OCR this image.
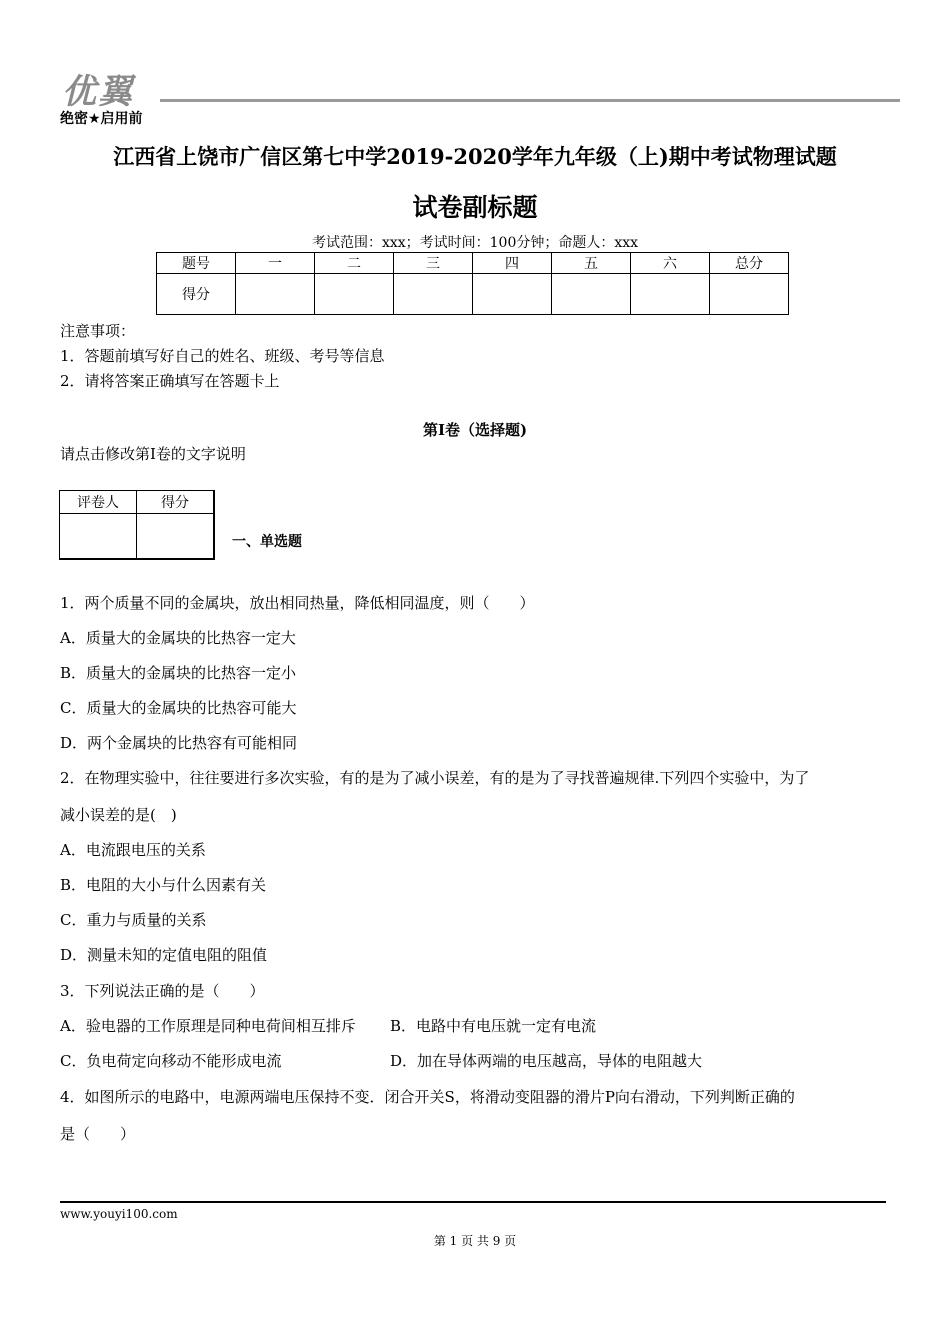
优翼
绝密★启用前
江西省上饶市广信区第七中学2019-2020学年九年级（上)期中考试物理试题
试卷副标题
考试范围：xxx；考试时间：100分钟；命题人：xxx
题号	一	二	三	四	五	六	总分
得分							
注意事项：
1．答题前填写好自己的姓名、班级、考号等信息
2．请将答案正确填写在答题卡上
第I卷（选择题)
请点击修改第I卷的文字说明
评卷人	得分

一、单选题
1．两个质量不同的金属块，放出相同热量，降低相同温度，则（　　）
A．质量大的金属块的比热容一定大
B．质量大的金属块的比热容一定小
C．质量大的金属块的比热容可能大
D．两个金属块的比热容有可能相同
2．在物理实验中，往往要进行多次实验，有的是为了减小误差，有的是为了寻找普遍规律.下列四个实验中，为了
减小误差的是(　)
A．电流跟电压的关系
B．电阻的大小与什么因素有关
C．重力与质量的关系
D．测量未知的定值电阻的阻值
3．下列说法正确的是（　　）
A．验电器的工作原理是同种电荷间相互排斥 B．电路中有电压就一定有电流
C．负电荷定向移动不能形成电流	D．加在导体两端的电压越高，导体的电阻越大
4．如图所示的电路中，电源两端电压保持不变．闭合开关S，将滑动变阻器的滑片P向右滑动，下列判断正确的
是（　　）
www.youyi100.com
第 1 页 共 9 页
